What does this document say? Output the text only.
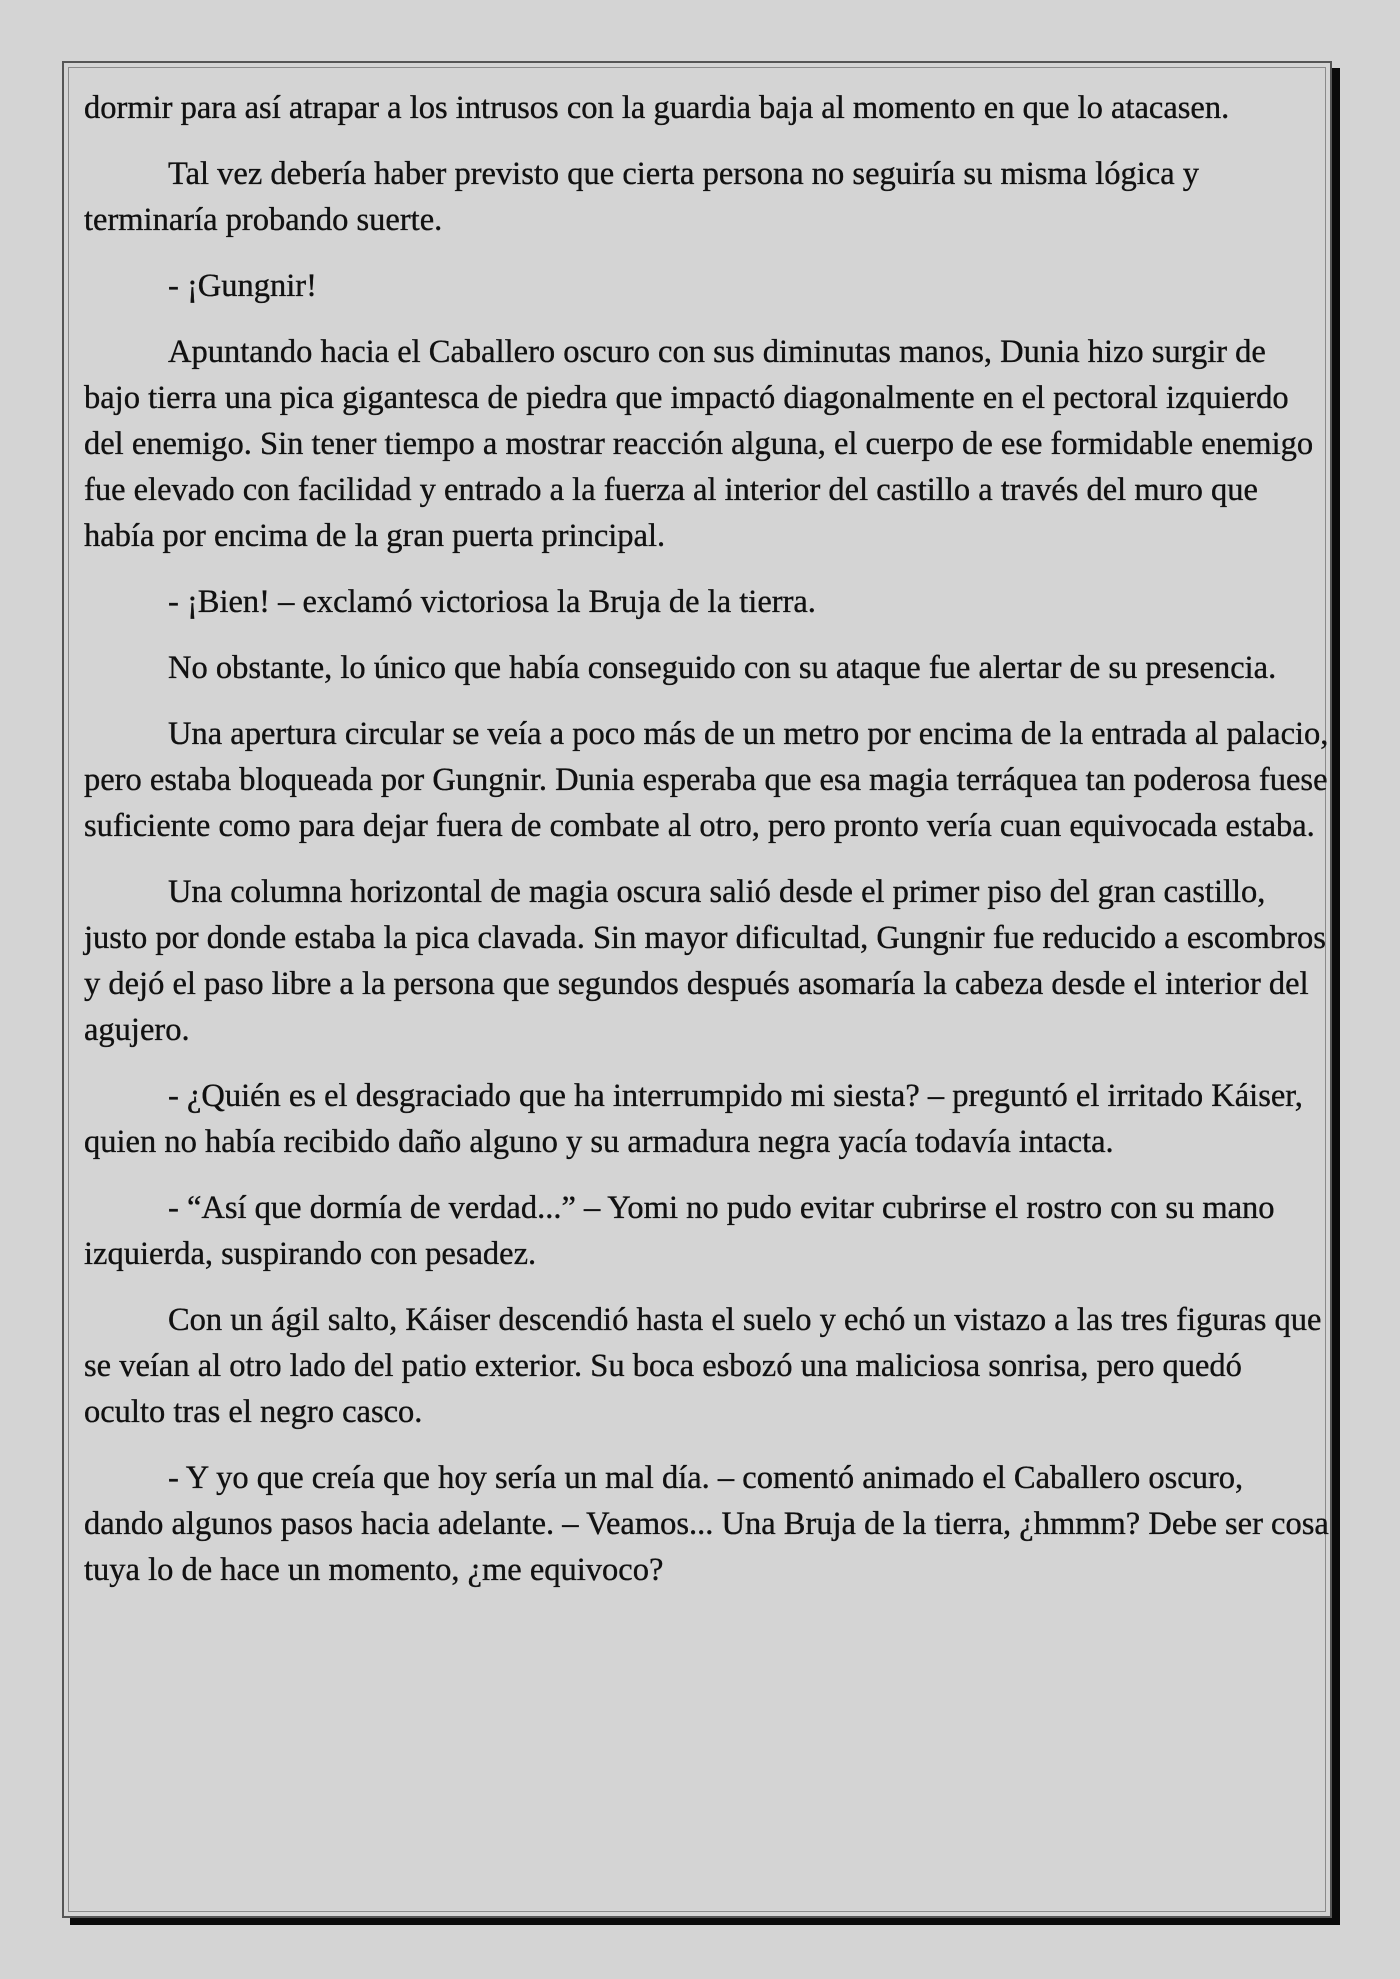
dormir para así atrapar a los intrusos con la guardia baja al momento en que lo atacasen.

Tal vez debería haber previsto que cierta persona no seguiría su misma lógica y terminaría probando suerte.

- ¡Gungnir!

Apuntando hacia el Caballero oscuro con sus diminutas manos, Dunia hizo surgir de bajo tierra una pica gigantesca de piedra que impactó diagonalmente en el pectoral izquierdo del enemigo. Sin tener tiempo a mostrar reacción alguna, el cuerpo de ese formidable enemigo fue elevado con facilidad y entrado a la fuerza al interior del castillo a través del muro que había por encima de la gran puerta principal.

- ¡Bien! – exclamó victoriosa la Bruja de la tierra.

No obstante, lo único que había conseguido con su ataque fue alertar de su presencia.

Una apertura circular se veía a poco más de un metro por encima de la entrada al palacio, pero estaba bloqueada por Gungnir. Dunia esperaba que esa magia terráquea tan poderosa fuese suficiente como para dejar fuera de combate al otro, pero pronto vería cuan equivocada estaba.

Una columna horizontal de magia oscura salió desde el primer piso del gran castillo, justo por donde estaba la pica clavada. Sin mayor dificultad, Gungnir fue reducido a escombros y dejó el paso libre a la persona que segundos después asomaría la cabeza desde el interior del agujero.

- ¿Quién es el desgraciado que ha interrumpido mi siesta? – preguntó el irritado Káiser, quien no había recibido daño alguno y su armadura negra yacía todavía intacta.

- “Así que dormía de verdad...” – Yomi no pudo evitar cubrirse el rostro con su mano izquierda, suspirando con pesadez.

Con un ágil salto, Káiser descendió hasta el suelo y echó un vistazo a las tres figuras que se veían al otro lado del patio exterior. Su boca esbozó una maliciosa sonrisa, pero quedó oculto tras el negro casco.

- Y yo que creía que hoy sería un mal día. – comentó animado el Caballero oscuro, dando algunos pasos hacia adelante. – Veamos... Una Bruja de la tierra, ¿hmmm? Debe ser cosa tuya lo de hace un momento, ¿me equivoco?
